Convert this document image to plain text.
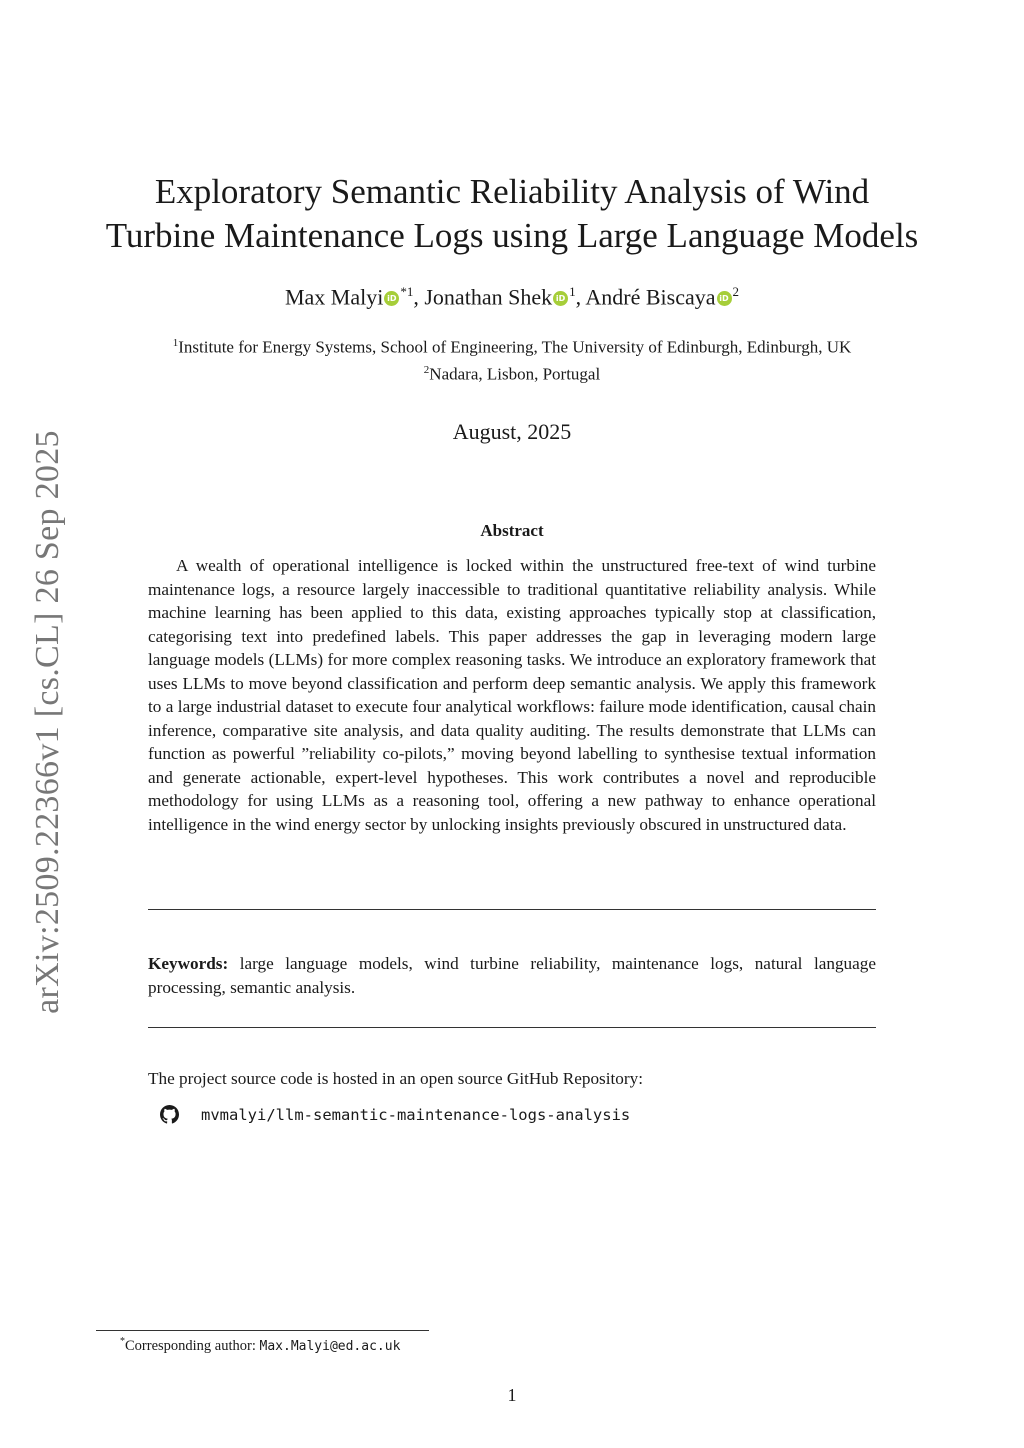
arXiv:2509.22366v1 [cs.CL] 26 Sep 2025
Exploratory Semantic Reliability Analysis of Wind
Turbine Maintenance Logs using Large Language Models
Max Malyi iD $^{*1}$, Jonathan Shek iD $^1$, André Biscaya iD $^2$
$^1$Institute for Energy Systems, School of Engineering, The University of Edinburgh, Edinburgh, UK
$^2$Nadara, Lisbon, Portugal
August, 2025
Abstract

A wealth of operational intelligence is locked within the unstructured free-text of wind turbine maintenance logs, a resource largely inaccessible to traditional quantitative reliability analysis. While machine learning has been applied to this data, existing approaches typically stop at classification, categorising text into predefined labels. This paper addresses the gap in leveraging modern large language models (LLMs) for more complex reasoning tasks. We introduce an exploratory framework that uses LLMs to move beyond classification and perform deep semantic analysis. We apply this framework to a large industrial dataset to execute four analytical workflows: failure mode identification, causal chain inference, comparative site analysis, and data quality auditing. The results demonstrate that LLMs can function as powerful ”reliability co-pilots,” moving beyond labelling to synthesise textual information and generate actionable, expert-level hypotheses. This work contributes a novel and reproducible methodology for using LLMs as a reasoning tool, offering a new pathway to enhance operational intelligence in the wind energy sector by unlocking insights previously obscured in unstructured data.

Keywords: large language models, wind turbine reliability, maintenance logs, natural language processing, semantic analysis.

The project source code is hosted in an open source GitHub Repository:
mvmalyi/llm-semantic-maintenance-logs-analysis
*Corresponding author: Max.Malyi@ed.ac.uk
1
